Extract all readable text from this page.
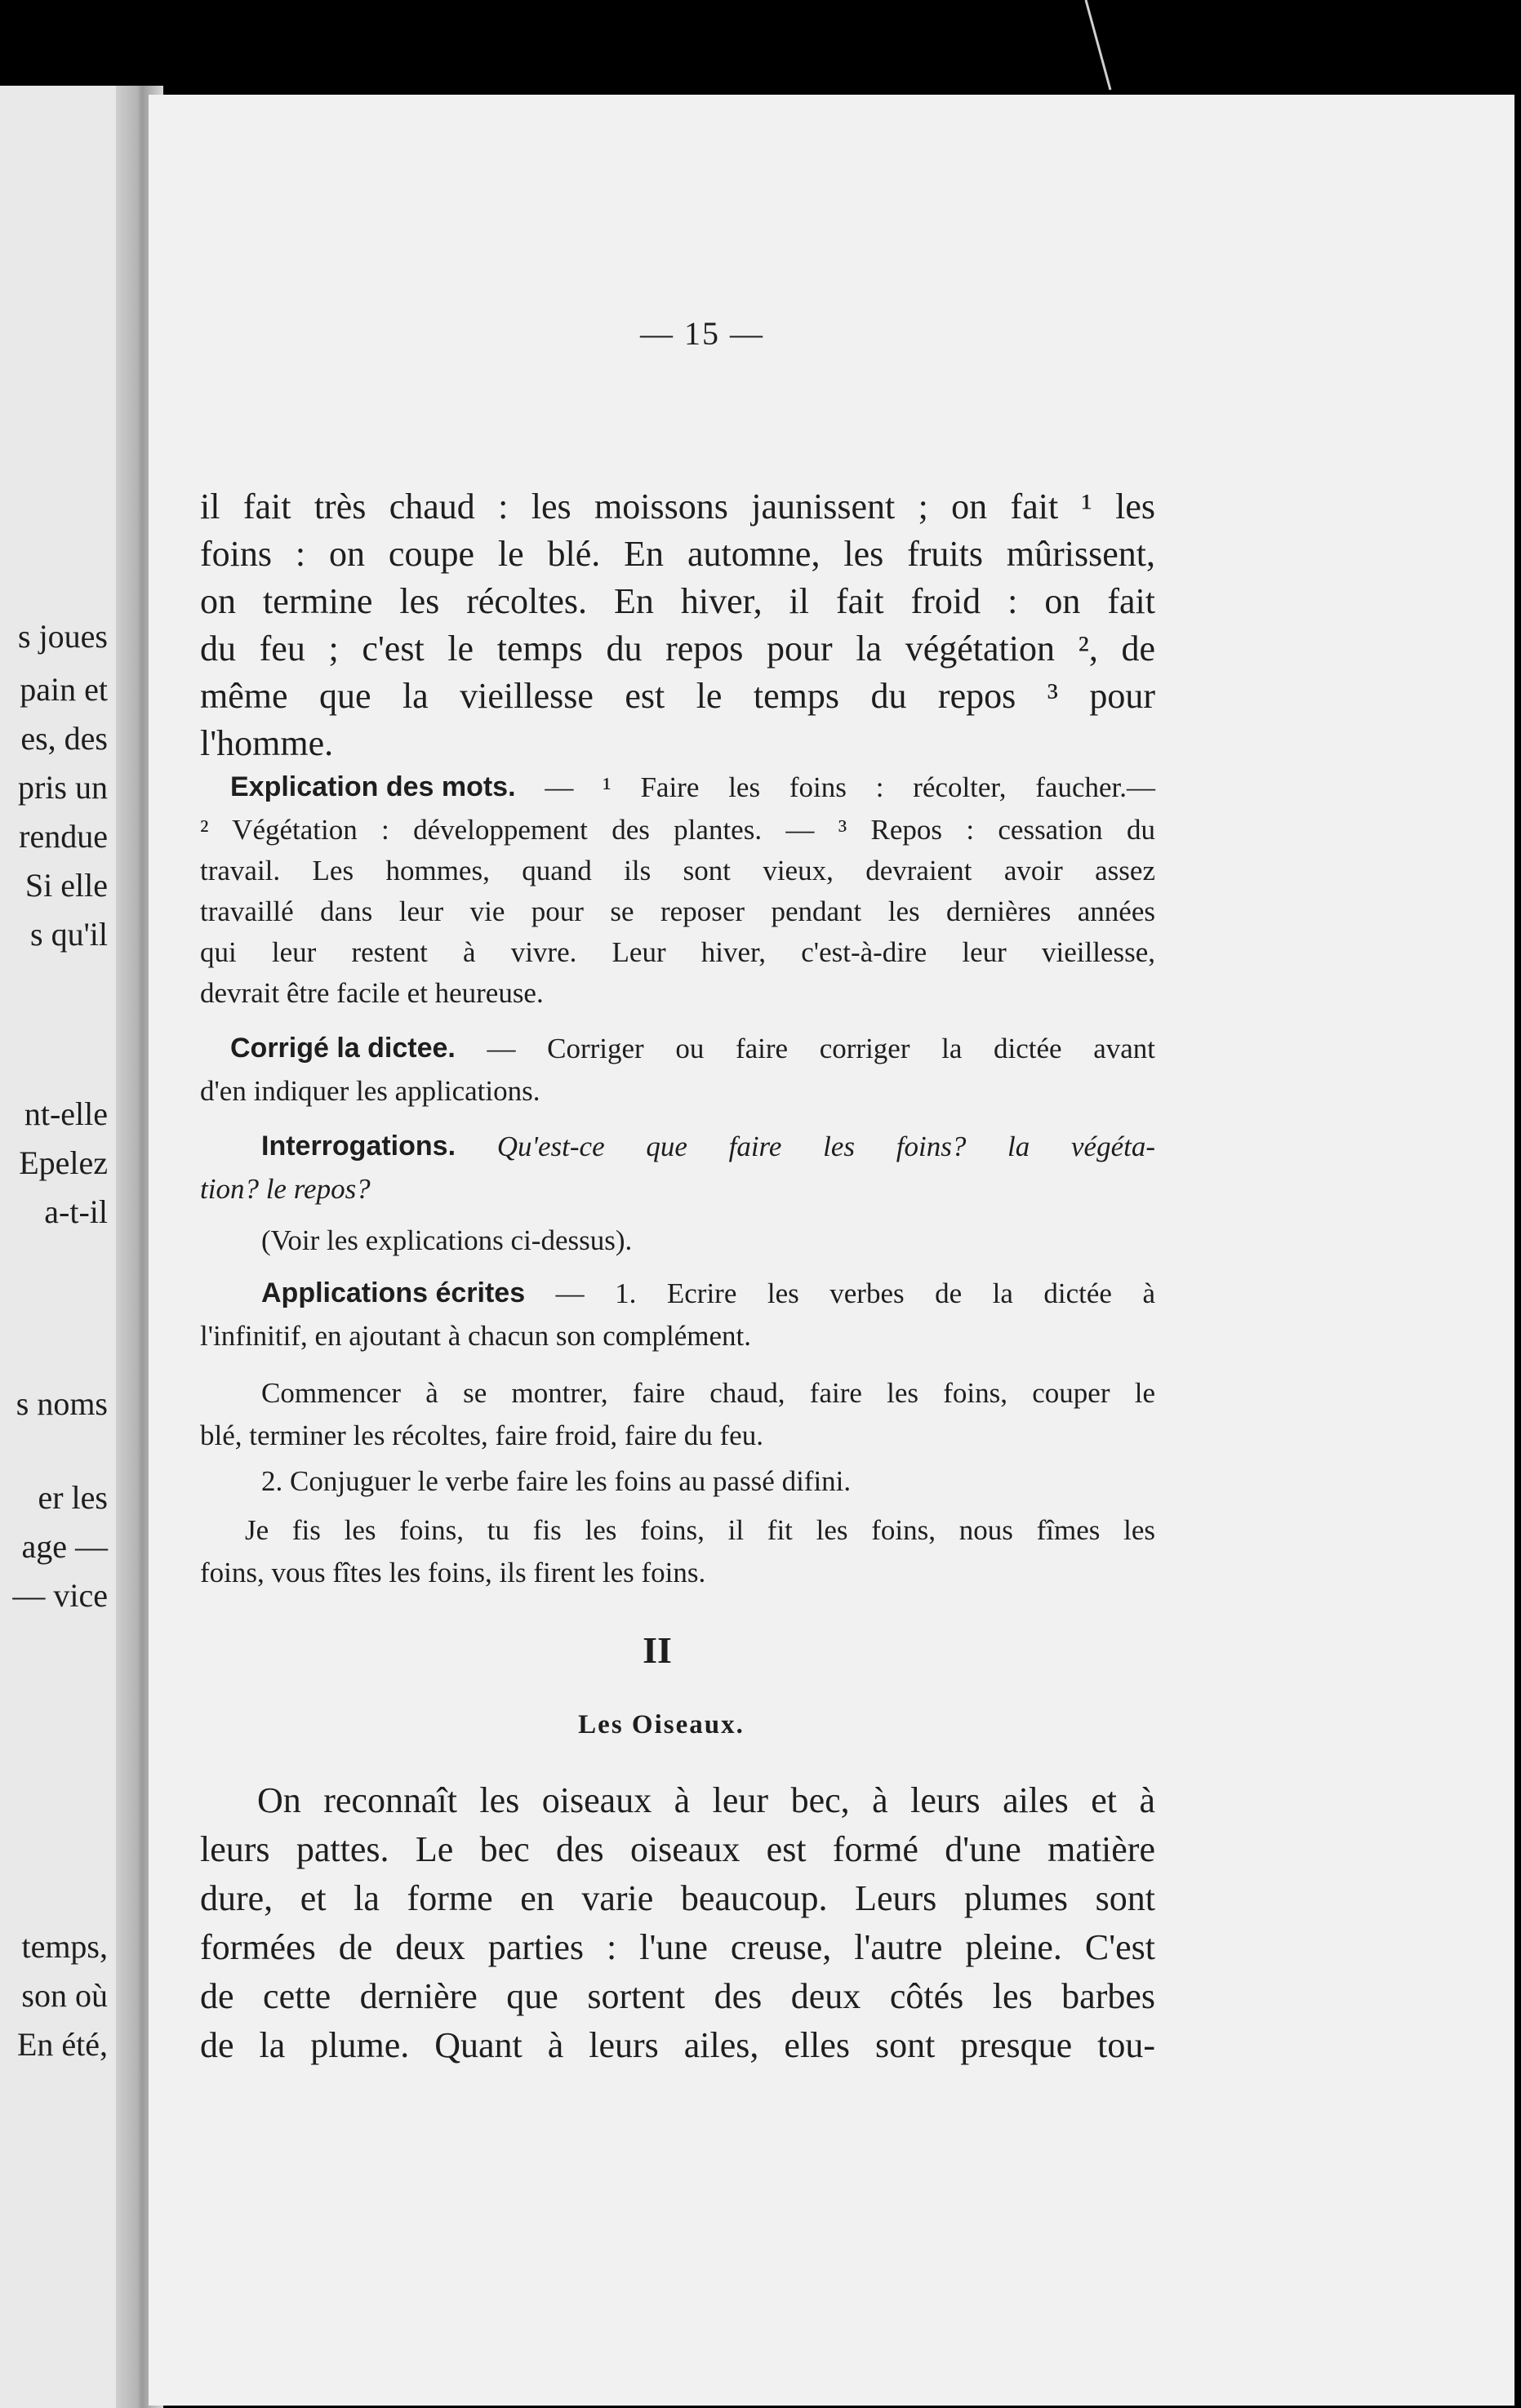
— 15 —
il fait très chaud : les moissons jaunissent ; on fait ¹ les
foins : on coupe le blé. En automne, les fruits mûrissent,
on termine les récoltes. En hiver, il fait froid : on fait
du feu ; c'est le temps du repos pour la végétation ², de
même que la vieillesse est le temps du repos ³ pour
l'homme.
Explication des mots. — ¹ Faire les foins : récolter, faucher.—
² Végétation : développement des plantes. — ³ Repos : cessation du
travail. Les hommes, quand ils sont vieux, devraient avoir assez
travaillé dans leur vie pour se reposer pendant les dernières années
qui leur restent à vivre. Leur hiver, c'est-à-dire leur vieillesse,
devrait être facile et heureuse.
Corrigé la dictee. — Corriger ou faire corriger la dictée avant
d'en indiquer les applications.
Interrogations. Qu'est-ce que faire les foins? la végéta-
tion? le repos?
(Voir les explications ci-dessus).
Applications écrites — 1. Ecrire les verbes de la dictée à
l'infinitif, en ajoutant à chacun son complément.
Commencer à se montrer, faire chaud, faire les foins, couper le
blé, terminer les récoltes, faire froid, faire du feu.
2. Conjuguer le verbe faire les foins au passé difini.
Je fis les foins, tu fis les foins, il fit les foins, nous fîmes les
foins, vous fîtes les foins, ils firent les foins.
II
Les Oiseaux.
On reconnaît les oiseaux à leur bec, à leurs ailes et à
leurs pattes. Le bec des oiseaux est formé d'une matière
dure, et la forme en varie beaucoup. Leurs plumes sont
formées de deux parties : l'une creuse, l'autre pleine. C'est
de cette dernière que sortent des deux côtés les barbes
de la plume. Quant à leurs ailes, elles sont presque tou-
s joues
pain et
es, des
pris un
rendue
Si elle
s qu'il
nt-elle
Epelez
a-t-il
s noms
er les
age —
— vice
temps,
son où
En été,
